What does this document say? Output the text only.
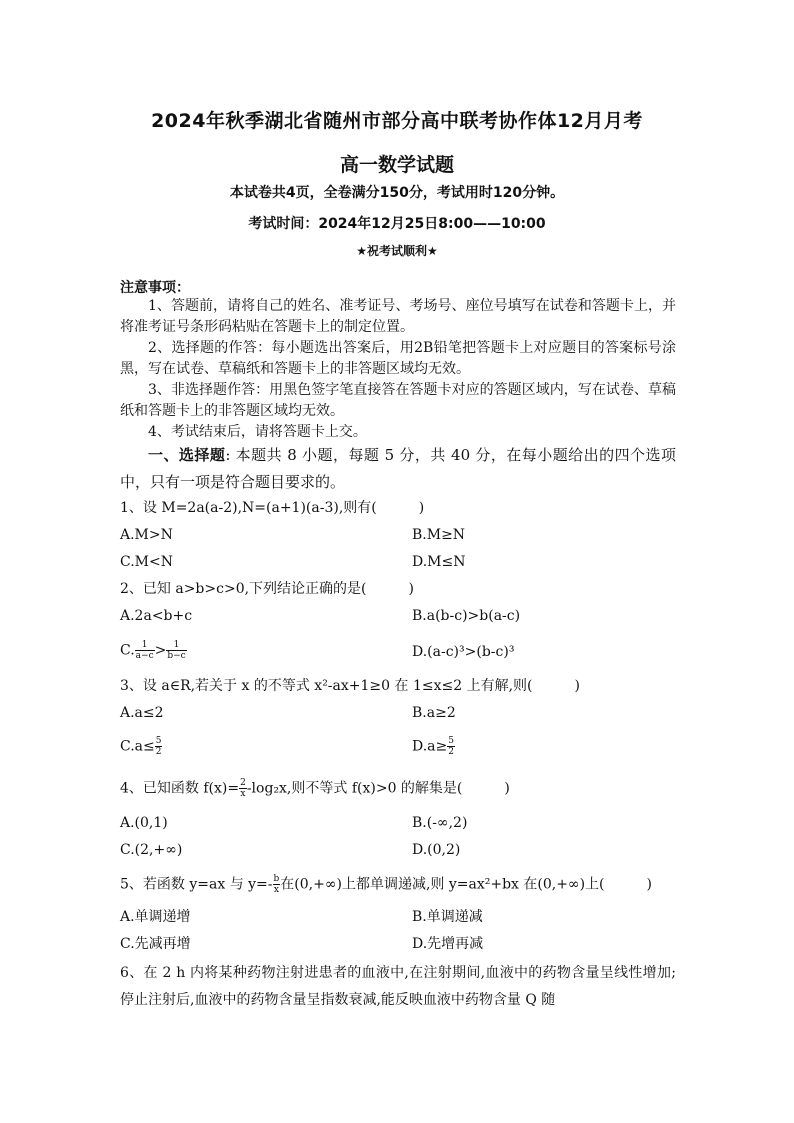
2024年秋季湖北省随州市部分高中联考协作体12月月考
高一数学试题
本试卷共4页，全卷满分150分，考试用时120分钟。
考试时间：2024年12月25日8:00——10:00
★祝考试顺利★
注意事项：
1、答题前，请将自己的姓名、准考证号、考场号、座位号填写在试卷和答题卡上，并将准考证号条形码粘贴在答题卡上的制定位置。
2、选择题的作答：每小题选出答案后，用2B铅笔把答题卡上对应题目的答案标号涂黑，写在试卷、草稿纸和答题卡上的非答题区域均无效。
3、非选择题作答：用黑色签字笔直接答在答题卡对应的答题区域内，写在试卷、草稿纸和答题卡上的非答题区域均无效。
4、考试结束后，请将答题卡上交。
一、选择题: 本题共 8 小题，每题 5 分，共 40 分，在每小题给出的四个选项中，只有一项是符合题目要求的。
1、设 M=2a(a-2),N=(a+1)(a-3),则有(　　　)
A.M>N	B.M≥N
C.M<N	D.M≤N
2、已知 a>b>c>0,下列结论正确的是(　　　)
A.2a<b+c	B.a(b-c)>b(a-c)
C. $\frac{1}{a-c} > \frac{1}{b-c}$	D.(a-c)³>(b-c)³
3、设 a∈R,若关于 x 的不等式 x²-ax+1≥0 在 1≤x≤2 上有解,则(　　　)
A.a≤2	B.a≥2
$C.a\le \frac{5}{2}$	$D.a\ge \frac{5}{2}$
4、已知函数 $f(x)= \frac{2}{x} -\log_2x$,则不等式 f(x)>0 的解集是(　　　)
A.(0,1)	B.(-∞,2)
C.(2,+∞)	D.(0,2)
5、若函数 y=ax 与 $y=- \frac{b}{x}$ 在(0,+∞)上都单调递减,则 y=ax²+bx 在(0,+∞)上(　　　)
A.单调递增	B.单调递减
C.先减再增	D.先增再减
6、在 2 h 内将某种药物注射进患者的血液中,在注射期间,血液中的药物含量呈线性增加;停止注射后,血液中的药物含量呈指数衰减,能反映血液中药物含量 Q 随
